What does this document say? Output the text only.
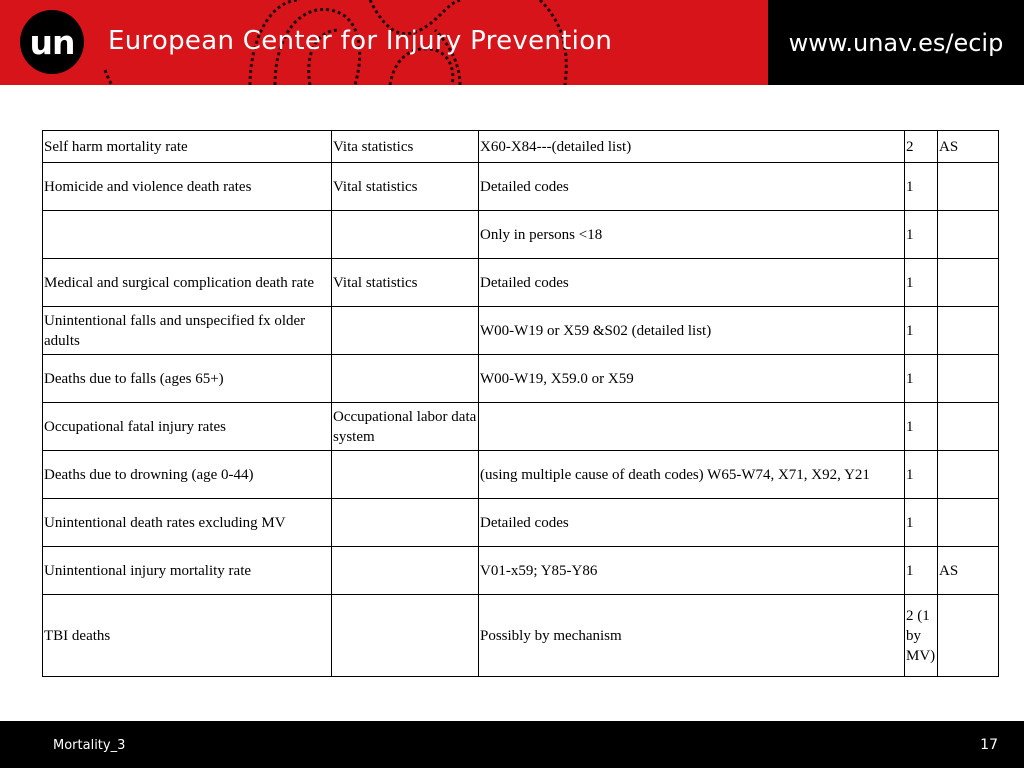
un European Center for Injury Prevention	www.unav.es/ecip
Self harm mortality rate	Vita statistics	X60-X84---(detailed list)	2	AS
Homicide and violence death rates	Vital statistics	Detailed codes	1	
		Only in persons <18	1	
Medical and surgical complication death rate	Vital statistics	Detailed codes	1	
Unintentional falls and unspecified fx older adults		W00-W19 or X59 &S02 (detailed list)	1	
Deaths due to falls (ages 65+)		W00-W19, X59.0 or X59	1	
Occupational fatal injury rates	Occupational labor data system		1	
Deaths due to drowning (age 0-44)		(using multiple cause of death codes) W65-W74, X71, X92, Y21	1	
Unintentional death rates excluding MV		Detailed codes	1	
Unintentional injury mortality rate		V01-x59; Y85-Y86	1	AS
TBI deaths		Possibly by mechanism	2 (1 by MV)	
Mortality_3	17
